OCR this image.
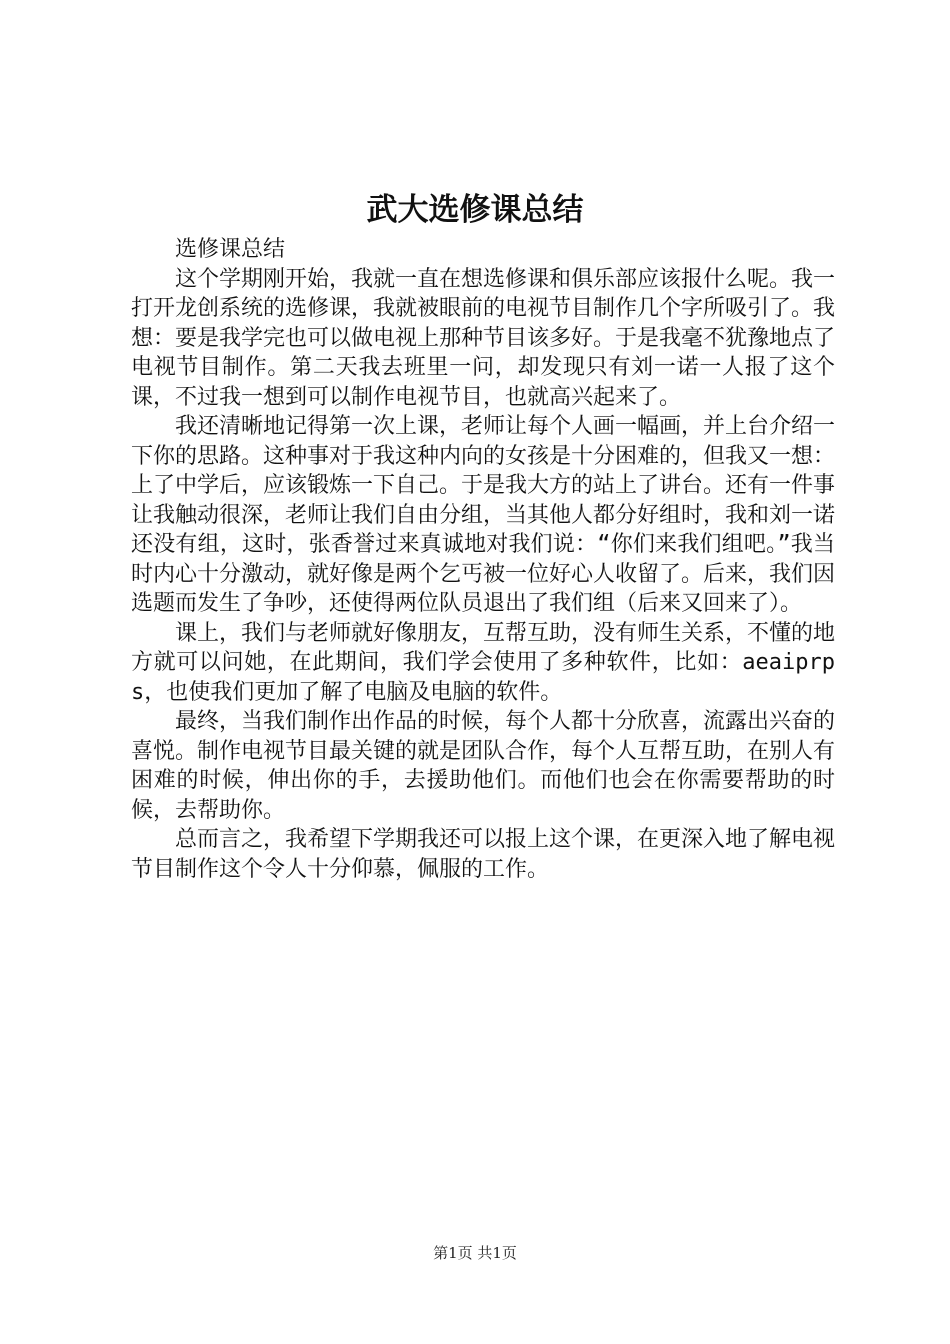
武大选修课总结

选修课总结

这个学期刚开始，我就一直在想选修课和俱乐部应该报什么呢。我一打开龙创系统的选修课，我就被眼前的电视节目制作几个字所吸引了。我想：要是我学完也可以做电视上那种节目该多好。于是我毫不犹豫地点了电视节目制作。第二天我去班里一问，却发现只有刘一诺一人报了这个课，不过我一想到可以制作电视节目，也就高兴起来了。

我还清晰地记得第一次上课，老师让每个人画一幅画，并上台介绍一下你的思路。这种事对于我这种内向的女孩是十分困难的，但我又一想：上了中学后，应该锻炼一下自己。于是我大方的站上了讲台。还有一件事让我触动很深，老师让我们自由分组，当其他人都分好组时，我和刘一诺还没有组，这时，张香誉过来真诚地对我们说：“你们来我们组吧。”我当时内心十分激动，就好像是两个乞丐被一位好心人收留了。后来，我们因选题而发生了争吵，还使得两位队员退出了我们组（后来又回来了）。

课上，我们与老师就好像朋友，互帮互助，没有师生关系，不懂的地方就可以问她，在此期间，我们学会使用了多种软件，比如：aeaiprps，也使我们更加了解了电脑及电脑的软件。

最终，当我们制作出作品的时候，每个人都十分欣喜，流露出兴奋的喜悦。制作电视节目最关键的就是团队合作，每个人互帮互助，在别人有困难的时候，伸出你的手，去援助他们。而他们也会在你需要帮助的时候，去帮助你。

总而言之，我希望下学期我还可以报上这个课，在更深入地了解电视节目制作这个令人十分仰慕，佩服的工作。

第1页 共1页
